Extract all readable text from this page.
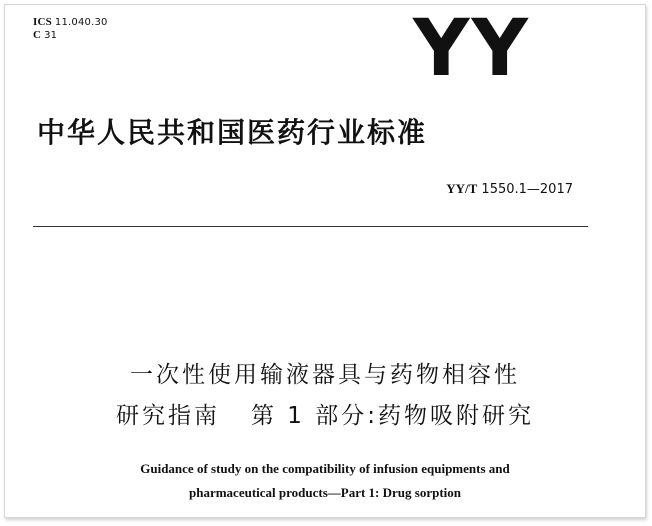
ICS 11.040.30
C 31	YY
中华人民共和国医药行业标准
YY/T 1550.1—2017
一次性使用输液器具与药物相容性
研究指南   第 1 部分:药物吸附研究
Guidance of study on the compatibility of infusion equipments and
pharmaceutical products—Part 1: Drug sorption
